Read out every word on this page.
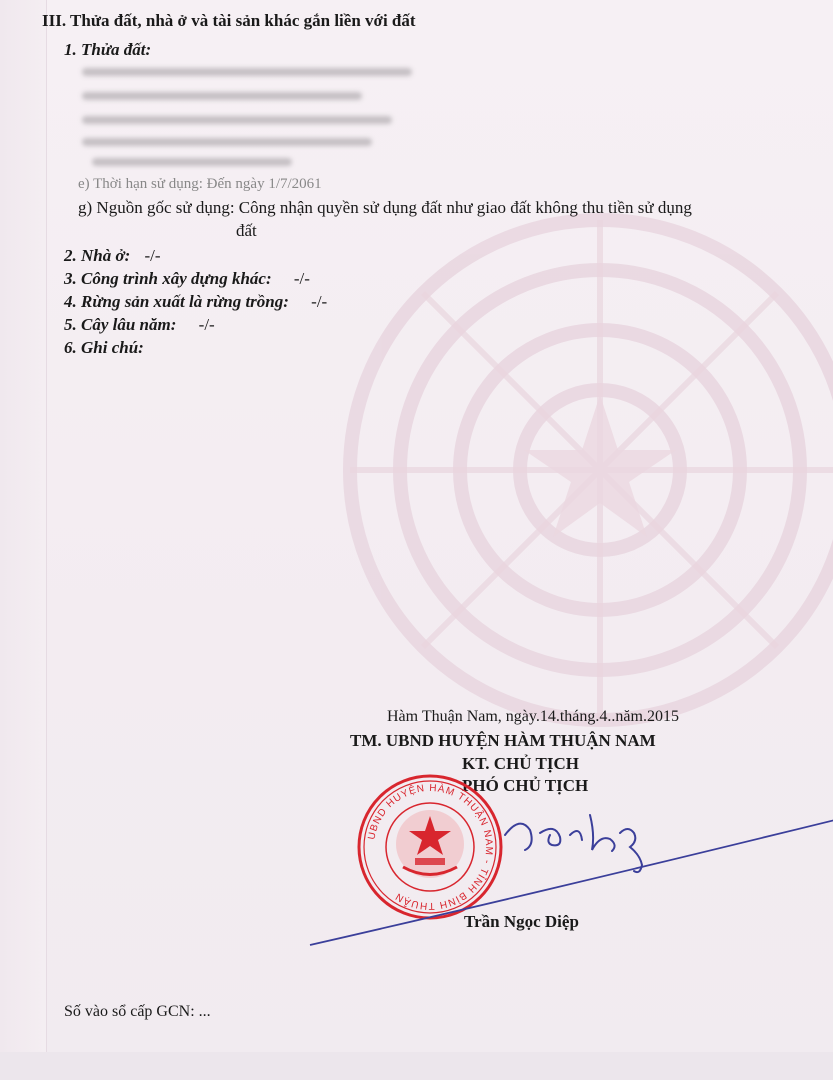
III. Thửa đất, nhà ở và tài sản khác gắn liền với đất
1. Thửa đất:
e) Thời hạn sử dụng: Đến ngày 1/7/2061
g) Nguồn gốc sử dụng: Công nhận quyền sử dụng đất như giao đất không thu tiền sử dụng
đất
2. Nhà ở: -/-
3. Công trình xây dựng khác: -/-
4. Rừng sản xuất là rừng trồng: -/-
5. Cây lâu năm: -/-
6. Ghi chú:
Hàm Thuận Nam, ngày.14.tháng.4..năm.2015
TM. UBND HUYỆN HÀM THUẬN NAM
KT. CHỦ TỊCH
PHÓ CHỦ TỊCH
UBND HUYỆN HÀM THUẬN NAM - TỈNH BÌNH THUẬN
Trần Ngọc Diệp
Số vào sổ cấp GCN: ...
